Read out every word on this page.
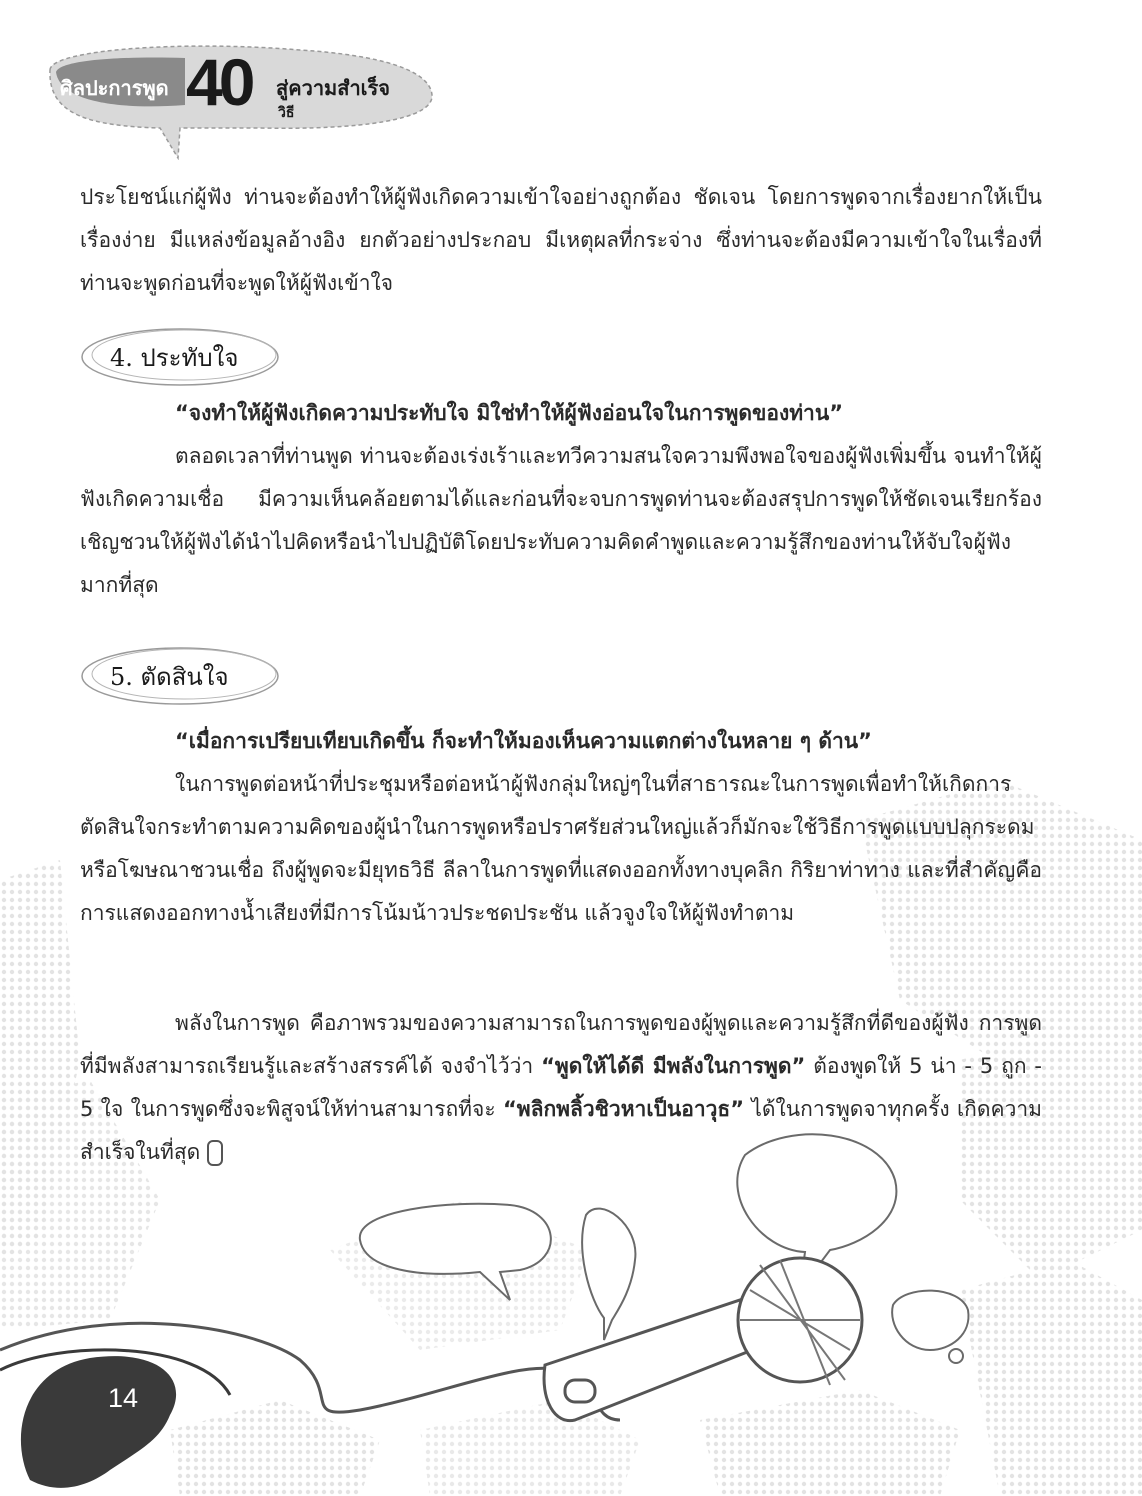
ศิลปะการพูด 40 สู่ความสำเร็จ
วิธี

ประโยชน์แก่ผู้ฟัง ท่านจะต้องทำให้ผู้ฟังเกิดความเข้าใจอย่างถูกต้อง ชัดเจน โดยการพูดจากเรื่องยากให้เป็นเรื่องง่าย มีแหล่งข้อมูลอ้างอิง ยกตัวอย่างประกอบ มีเหตุผลที่กระจ่าง ซึ่งท่านจะต้องมีความเข้าใจในเรื่องที่ท่านจะพูดก่อนที่จะพูดให้ผู้ฟังเข้าใจ

4. ประทับใจ

“จงทำให้ผู้ฟังเกิดความประทับใจ มิใช่ทำให้ผู้ฟังอ่อนใจในการพูดของท่าน”

ตลอดเวลาที่ท่านพูด ท่านจะต้องเร่งเร้าและทวีความสนใจความพึงพอใจของผู้ฟังเพิ่มขึ้น จนทำให้ผู้ฟังเกิดความเชื่อ มีความเห็นคล้อยตามได้และก่อนที่จะจบการพูดท่านจะต้องสรุปการพูดให้ชัดเจนเรียกร้องเชิญชวนให้ผู้ฟังได้นำไปคิดหรือนำไปปฏิบัติโดยประทับความคิดคำพูดและความรู้สึกของท่านให้จับใจผู้ฟังมากที่สุด

5. ตัดสินใจ

“เมื่อการเปรียบเทียบเกิดขึ้น ก็จะทำให้มองเห็นความแตกต่างในหลาย ๆ ด้าน”

ในการพูดต่อหน้าที่ประชุมหรือต่อหน้าผู้ฟังกลุ่มใหญ่ๆในที่สาธารณะในการพูดเพื่อทำให้เกิดการตัดสินใจกระทำตามความคิดของผู้นำในการพูดหรือปราศรัยส่วนใหญ่แล้วก็มักจะใช้วิธีการพูดแบบปลุกระดมหรือโฆษณาชวนเชื่อ ถึงผู้พูดจะมียุทธวิธี ลีลาในการพูดที่แสดงออกทั้งทางบุคลิก กิริยาท่าทาง และที่สำคัญคือ การแสดงออกทางน้ำเสียงที่มีการโน้มน้าวประชดประชัน แล้วจูงใจให้ผู้ฟังทำตาม

พลังในการพูด คือภาพรวมของความสามารถในการพูดของผู้พูดและความรู้สึกที่ดีของผู้ฟัง การพูดที่มีพลังสามารถเรียนรู้และสร้างสรรค์ได้ จงจำไว้ว่า “พูดให้ได้ดี มีพลังในการพูด” ต้องพูดให้ 5 น่า - 5 ถูก - 5 ใจ ในการพูดซึ่งจะพิสูจน์ให้ท่านสามารถที่จะ “พลิกพลิ้วชิวหาเป็นอาวุธ” ได้ในการพูดจาทุกครั้ง เกิดความสำเร็จในที่สุด

14
